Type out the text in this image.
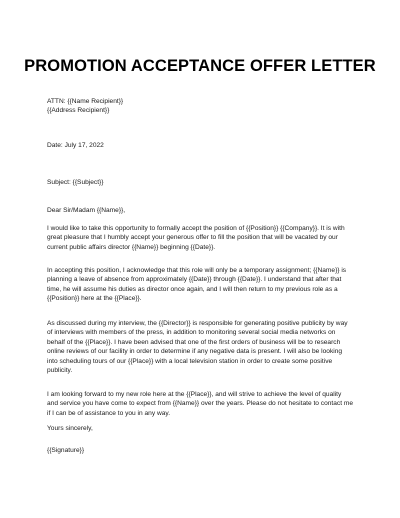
PROMOTION ACCEPTANCE OFFER LETTER
ATTN: {{Name Recipient}}
{{Address Recipient}}
Date: July 17, 2022
Subject: {{Subject}}
Dear Sir/Madam {{Name}},
I would like to take this opportunity to formally accept the position of {{Position}} {{Company}}. It is with
great pleasure that I humbly accept your generous offer to fill the position that will be vacated by our
current public affairs director {{Name}} beginning {{Date}}.
In accepting this position, I acknowledge that this role will only be a temporary assignment; {{Name}} is
planning a leave of absence from approximately {{Date}} through {{Date}}. I understand that after that
time, he will assume his duties as director once again, and I will then return to my previous role as a
{{Position}} here at the {{Place}}.
As discussed during my interview, the {{Director}} is responsible for generating positive publicity by way
of interviews with members of the press, in addition to monitoring several social media networks on
behalf of the {{Place}}. I have been advised that one of the first orders of business will be to research
online reviews of our facility in order to determine if any negative data is present. I will also be looking
into scheduling tours of our {{Place}} with a local television station in order to create some positive
publicity.
I am looking forward to my new role here at the {{Place}}, and will strive to achieve the level of quality
and service you have come to expect from {{Name}} over the years. Please do not hesitate to contact me
if I can be of assistance to you in any way.
Yours sincerely,
{{Signature}}
